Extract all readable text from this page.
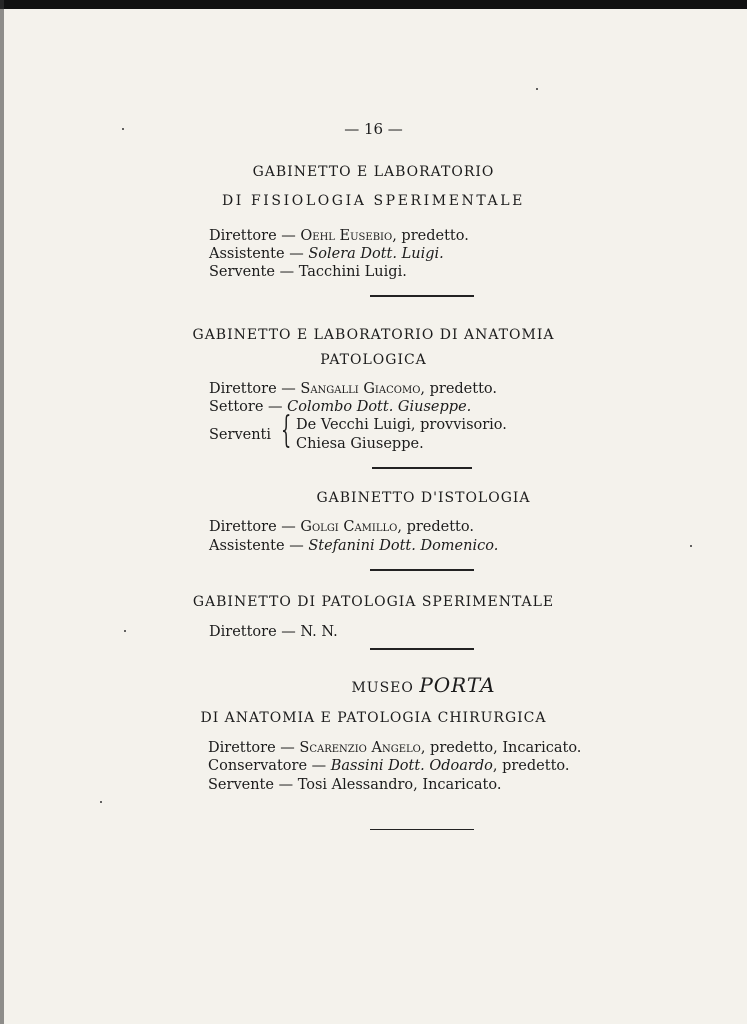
— 16 —
GABINETTO E LABORATORIO
DI FISIOLOGIA SPERIMENTALE
Direttore — Oehl Eusebio, predetto.
Assistente — Solera Dott. Luigi.
Servente — Tacchini Luigi.
GABINETTO E LABORATORIO DI ANATOMIA
PATOLOGICA
Direttore — Sangalli Giacomo, predetto.
Settore — Colombo Dott. Giuseppe.
Serventi { De Vecchi Luigi, provvisorio.
Chiesa Giuseppe.
GABINETTO D'ISTOLOGIA
Direttore — Golgi Camillo, predetto.
Assistente — Stefanini Dott. Domenico.
GABINETTO DI PATOLOGIA SPERIMENTALE
Direttore — N. N.
MUSEO PORTA
DI ANATOMIA E PATOLOGIA CHIRURGICA
Direttore — Scarenzio Angelo, predetto, Incaricato.
Conservatore — Bassini Dott. Odoardo, predetto.
Servente — Tosi Alessandro, Incaricato.
